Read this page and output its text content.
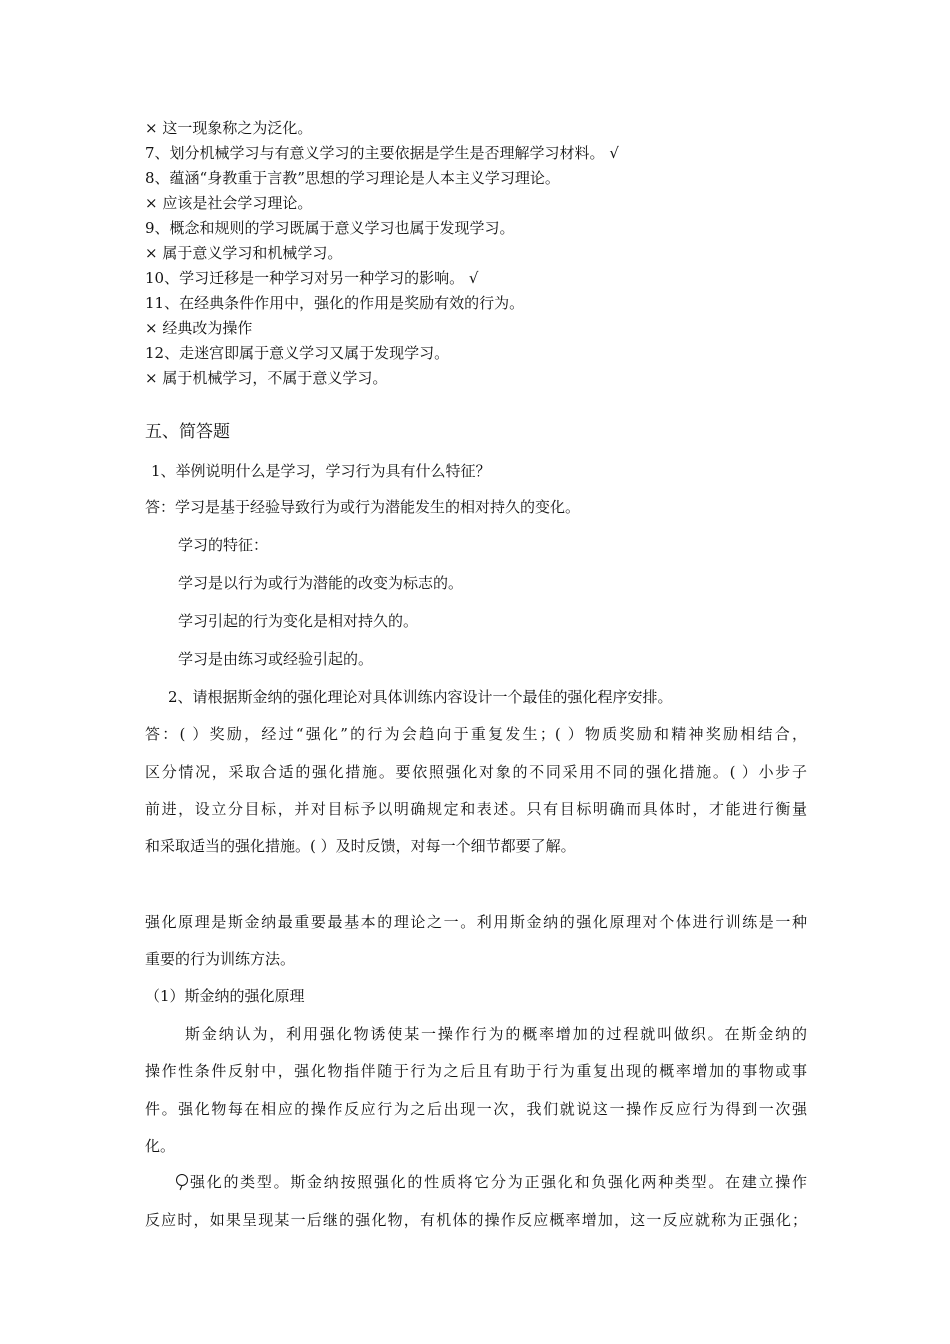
× 这一现象称之为泛化。
7、划分机械学习与有意义学习的主要依据是学生是否理解学习材料。 √
8、蕴涵“身教重于言教”思想的学习理论是人本主义学习理论。
× 应该是社会学习理论。
9、概念和规则的学习既属于意义学习也属于发现学习。
× 属于意义学习和机械学习。
10、学习迁移是一种学习对另一种学习的影响。 √
11、在经典条件作用中，强化的作用是奖励有效的行为。
× 经典改为操作
12、走迷宫即属于意义学习又属于发现学习。
× 属于机械学习，不属于意义学习。
五、简答题
1、举例说明什么是学习，学习行为具有什么特征？
答：学习是基于经验导致行为或行为潜能发生的相对持久的变化。
学习的特征：
学习是以行为或行为潜能的改变为标志的。
学习引起的行为变化是相对持久的。
学习是由练习或经验引起的。
2、请根据斯金纳的强化理论对具体训练内容设计一个最佳的强化程序安排。
答：( ）奖励，经过“强化”的行为会趋向于重复发生；( ）物质奖励和精神奖励相结合，
区分情况，采取合适的强化措施。要依照强化对象的不同采用不同的强化措施。( ）小步子
前进，设立分目标，并对目标予以明确规定和表述。只有目标明确而具体时，才能进行衡量
和采取适当的强化措施。( ）及时反馈，对每一个细节都要了解。
强化原理是斯金纳最重要最基本的理论之一。利用斯金纳的强化原理对个体进行训练是一种
重要的行为训练方法。
（1）斯金纳的强化原理
斯金纳认为，利用强化物诱使某一操作行为的概率增加的过程就叫做织。在斯金纳的
操作性条件反射中，强化物指伴随于行为之后且有助于行为重复出现的概率增加的事物或事
件。强化物每在相应的操作反应行为之后出现一次，我们就说这一操作反应行为得到一次强
化。
强化的类型。斯金纳按照强化的性质将它分为正强化和负强化两种类型。在建立操作
反应时，如果呈现某一后继的强化物，有机体的操作反应概率增加，这一反应就称为正强化；
